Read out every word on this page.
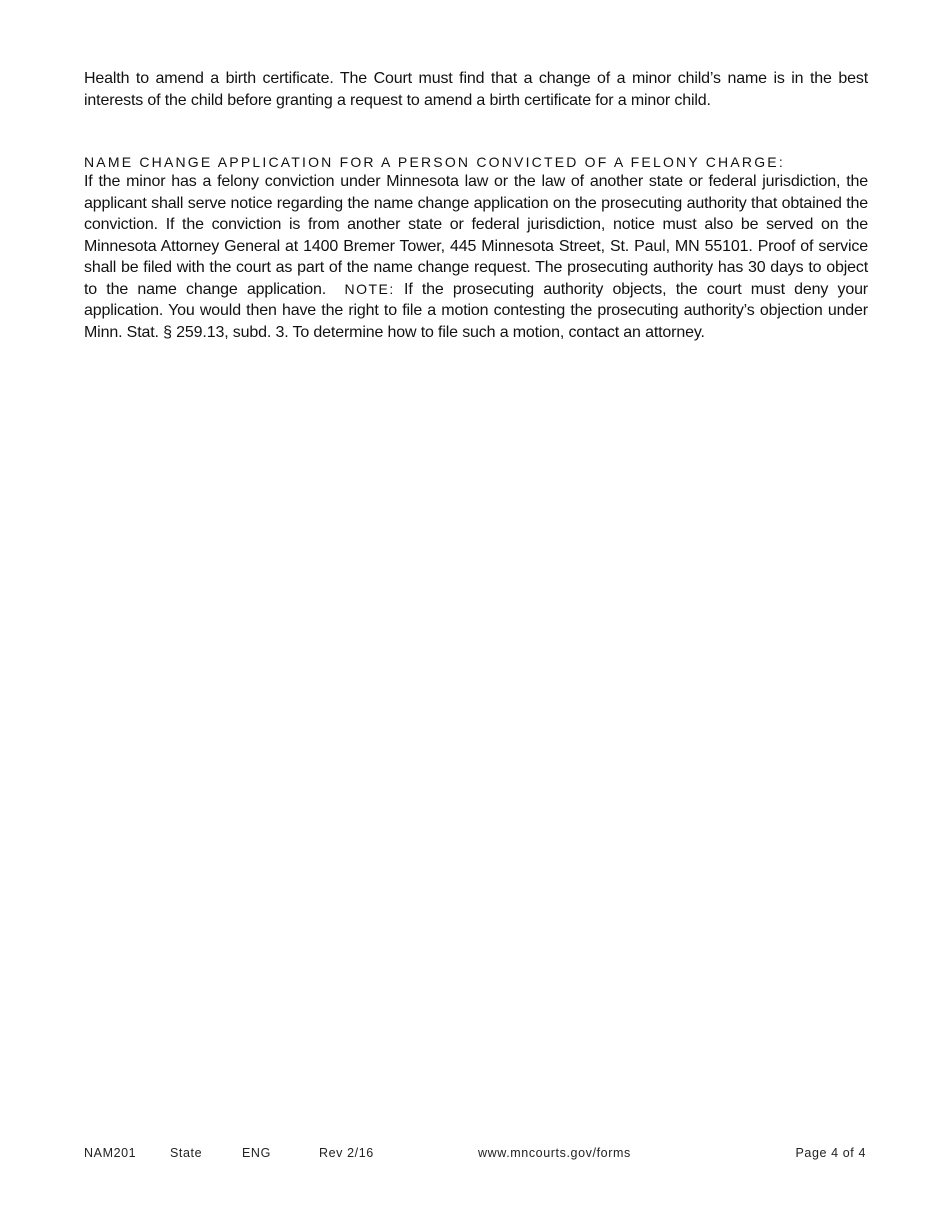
Health to amend a birth certificate. The Court must find that a change of a minor child’s name is in the best interests of the child before granting a request to amend a birth certificate for a minor child.

NAME CHANGE APPLICATION FOR A PERSON CONVICTED OF A FELONY CHARGE:

If the minor has a felony conviction under Minnesota law or the law of another state or federal jurisdiction, the applicant shall serve notice regarding the name change application on the prosecuting authority that obtained the conviction. If the conviction is from another state or federal jurisdiction, notice must also be served on the Minnesota Attorney General at 1400 Bremer Tower, 445 Minnesota Street, St. Paul, MN 55101. Proof of service shall be filed with the court as part of the name change request. The prosecuting authority has 30 days to object to the name change application. NOTE: If the prosecuting authority objects, the court must deny your application. You would then have the right to file a motion contesting the prosecuting authority’s objection under Minn. Stat. § 259.13, subd. 3. To determine how to file such a motion, contact an attorney.

NAM201	State	ENG	Rev 2/16	www.mncourts.gov/forms	Page 4 of 4
